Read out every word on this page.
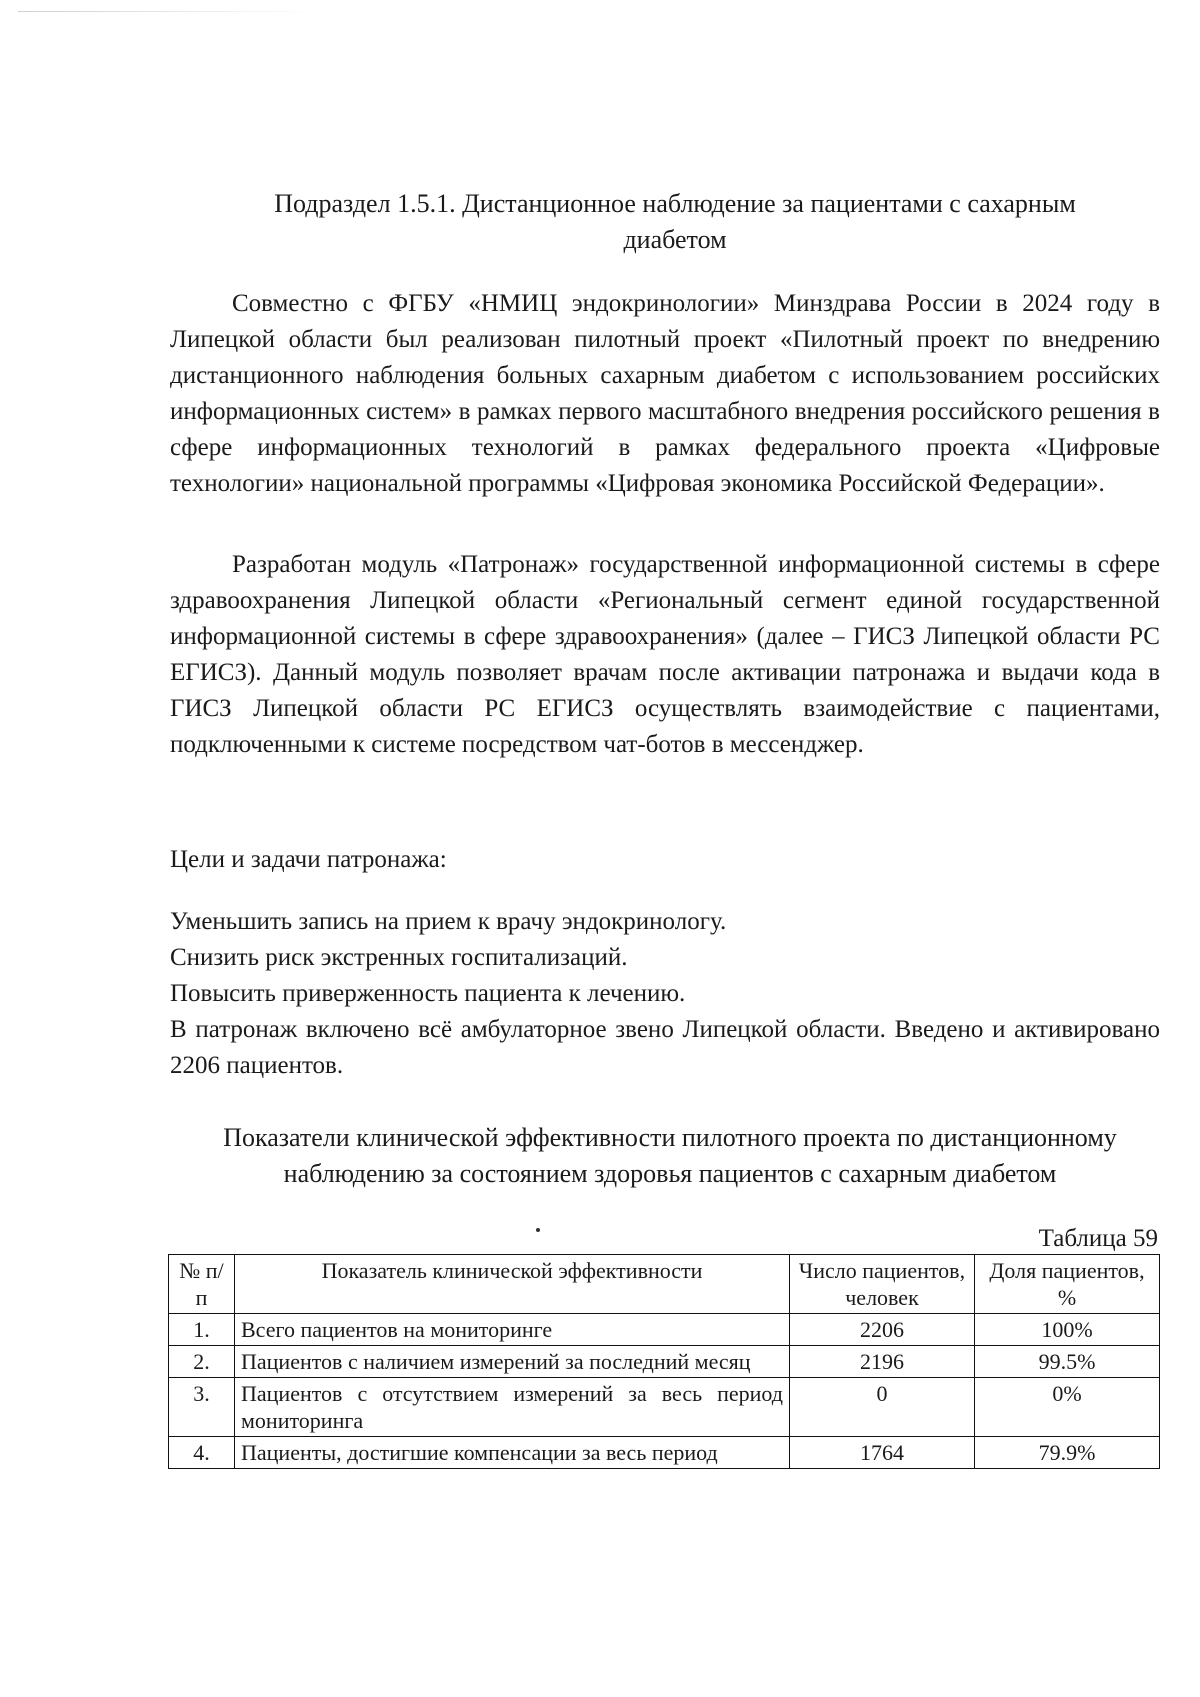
Подраздел 1.5.1. Дистанционное наблюдение за пациентами с сахарным диабетом
Совместно с ФГБУ «НМИЦ эндокринологии» Минздрава России в 2024 году в Липецкой области был реализован пилотный проект «Пилотный проект по внедрению дистанционного наблюдения больных сахарным диабетом с использованием российских информационных систем» в рамках первого масштабного внедрения российского решения в сфере информационных технологий в рамках федерального проекта «Цифровые технологии» национальной программы «Цифровая экономика Российской Федерации».
Разработан модуль «Патронаж» государственной информационной системы в сфере здравоохранения Липецкой области «Региональный сегмент единой государственной информационной системы в сфере здравоохранения» (далее – ГИСЗ Липецкой области РС ЕГИСЗ). Данный модуль позволяет врачам после активации патронажа и выдачи кода в ГИСЗ Липецкой области РС ЕГИСЗ осуществлять взаимодействие с пациентами, подключенными к системе посредством чат-ботов в мессенджер.
Цели и задачи патронажа:
Уменьшить запись на прием к врачу эндокринологу.
Снизить риск экстренных госпитализаций.
Повысить приверженность пациента к лечению.
В патронаж включено всё амбулаторное звено Липецкой области. Введено и активировано 2206 пациентов.
Показатели клинической эффективности пилотного проекта по дистанционному наблюдению за состоянием здоровья пациентов с сахарным диабетом
Таблица 59
№ п/п	Показатель клинической эффективности	Число пациентов, человек	Доля пациентов, %
1.	Всего пациентов на мониторинге	2206	100%
2.	Пациентов с наличием измерений за последний месяц	2196	99.5%
3.	Пациентов с отсутствием измерений за весь период мониторинга	0	0%
4.	Пациенты, достигшие компенсации за весь период	1764	79.9%
